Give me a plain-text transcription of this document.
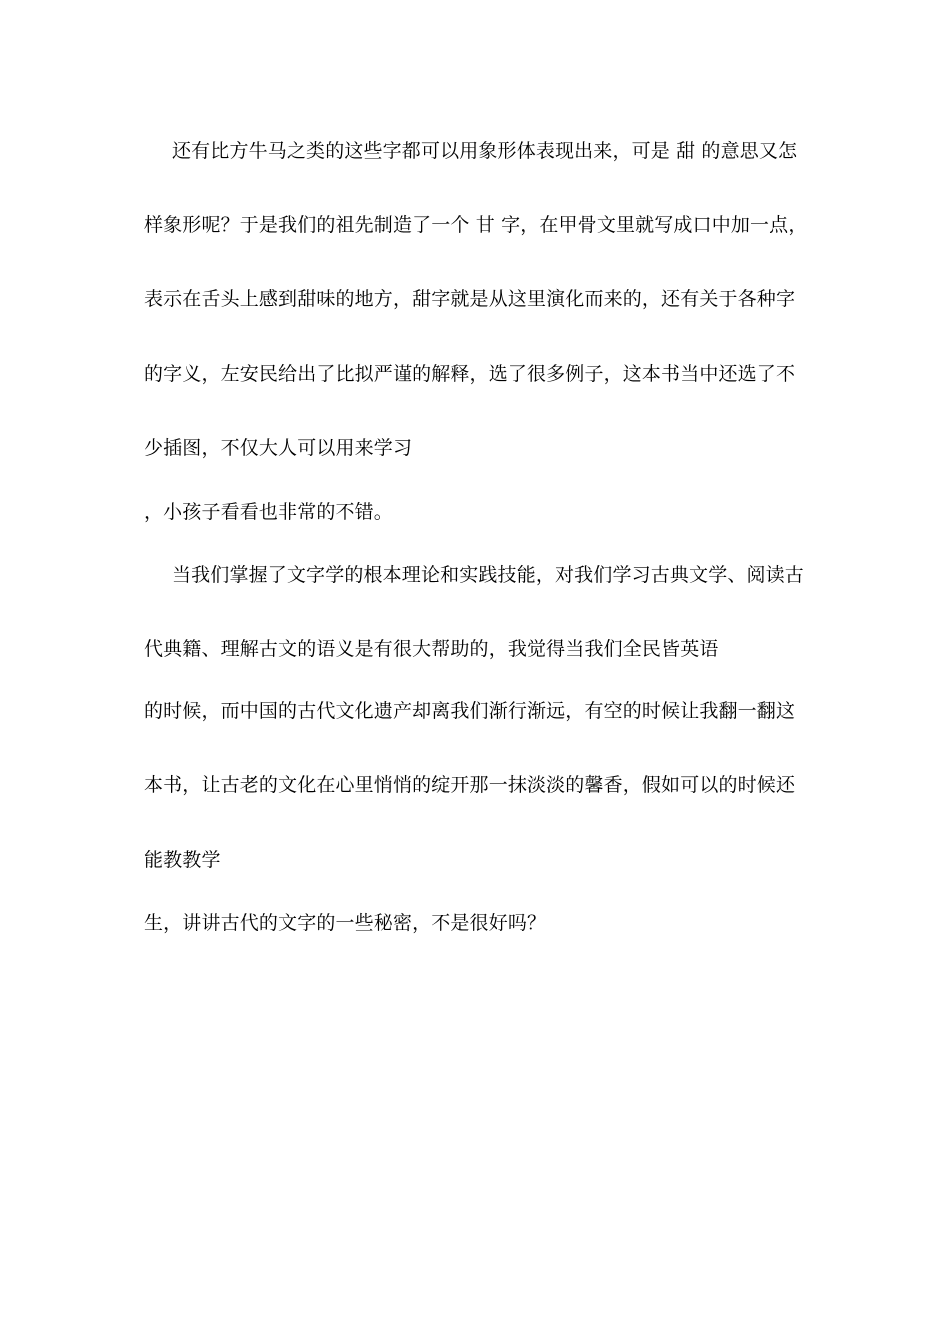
还有比方牛马之类的这些字都可以用象形体表现出来，可是 甜 的意思又怎
样象形呢？于是我们的祖先制造了一个 甘 字，在甲骨文里就写成口中加一点，
表示在舌头上感到甜味的地方，甜字就是从这里演化而来的，还有关于各种字
的字义，左安民给出了比拟严谨的解释，选了很多例子，这本书当中还选了不
少插图，不仅大人可以用来学习
，小孩子看看也非常的不错。
当我们掌握了文字学的根本理论和实践技能，对我们学习古典文学、阅读古
代典籍、理解古文的语义是有很大帮助的，我觉得当我们全民皆英语
的时候，而中国的古代文化遗产却离我们渐行渐远，有空的时候让我翻一翻这
本书，让古老的文化在心里悄悄的绽开那一抹淡淡的馨香，假如可以的时候还
能教教学
生，讲讲古代的文字的一些秘密，不是很好吗？
